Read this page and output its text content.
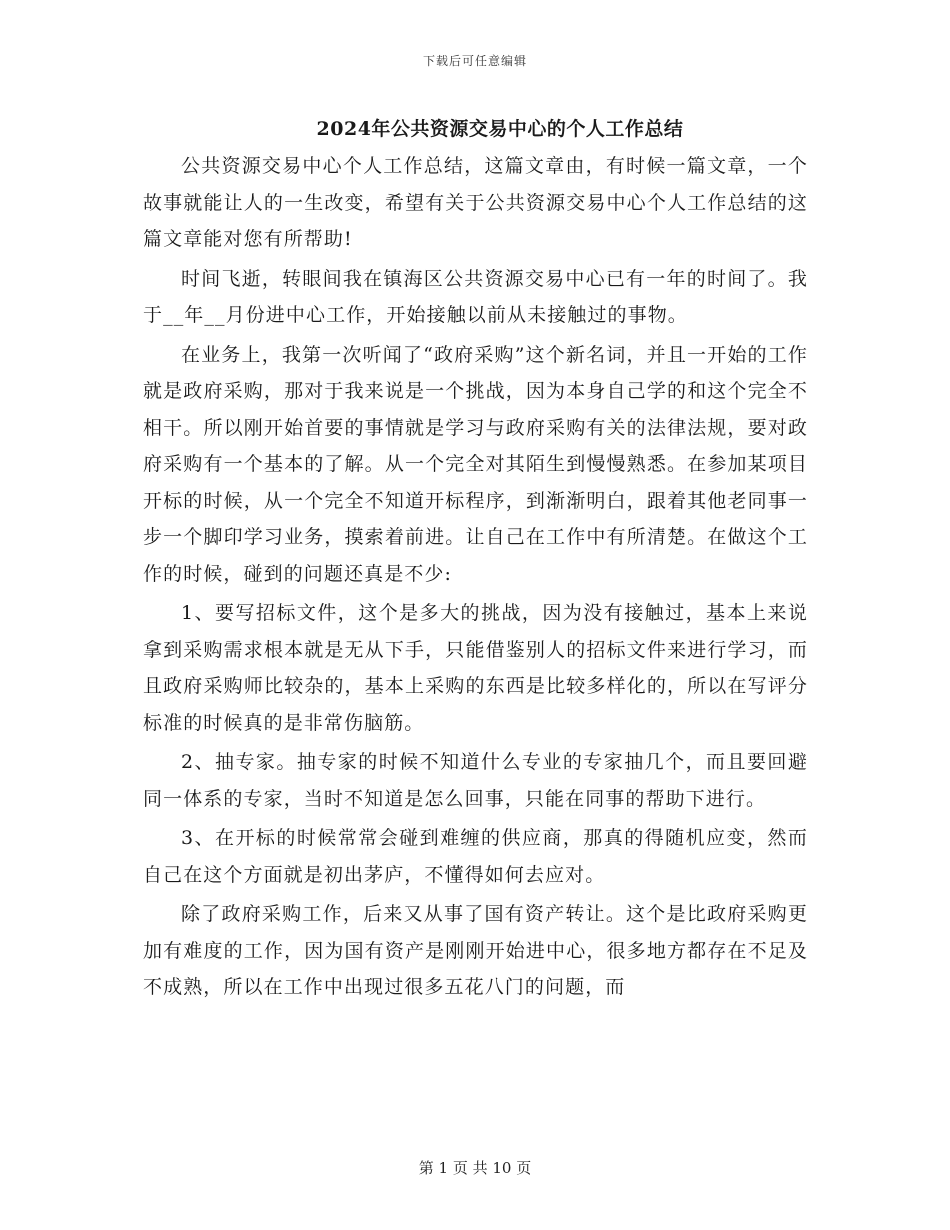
下载后可任意编辑
2024年公共资源交易中心的个人工作总结

公共资源交易中心个人工作总结，这篇文章由，有时候一篇文章，一个故事就能让人的一生改变，希望有关于公共资源交易中心个人工作总结的这篇文章能对您有所帮助!

时间飞逝，转眼间我在镇海区公共资源交易中心已有一年的时间了。我于__年__月份进中心工作，开始接触以前从未接触过的事物。

在业务上，我第一次听闻了“政府采购”这个新名词，并且一开始的工作就是政府采购，那对于我来说是一个挑战，因为本身自己学的和这个完全不相干。所以刚开始首要的事情就是学习与政府采购有关的法律法规，要对政府采购有一个基本的了解。从一个完全对其陌生到慢慢熟悉。在参加某项目开标的时候，从一个完全不知道开标程序，到渐渐明白，跟着其他老同事一步一个脚印学习业务，摸索着前进。让自己在工作中有所清楚。在做这个工作的时候，碰到的问题还真是不少:

1、要写招标文件，这个是多大的挑战，因为没有接触过，基本上来说拿到采购需求根本就是无从下手，只能借鉴别人的招标文件来进行学习，而且政府采购师比较杂的，基本上采购的东西是比较多样化的，所以在写评分标准的时候真的是非常伤脑筋。

2、抽专家。抽专家的时候不知道什么专业的专家抽几个，而且要回避同一体系的专家，当时不知道是怎么回事，只能在同事的帮助下进行。

3、在开标的时候常常会碰到难缠的供应商，那真的得随机应变，然而自己在这个方面就是初出茅庐，不懂得如何去应对。

除了政府采购工作，后来又从事了国有资产转让。这个是比政府采购更加有难度的工作，因为国有资产是刚刚开始进中心，很多地方都存在不足及不成熟，所以在工作中出现过很多五花八门的问题，而

第 1 页 共 10 页
